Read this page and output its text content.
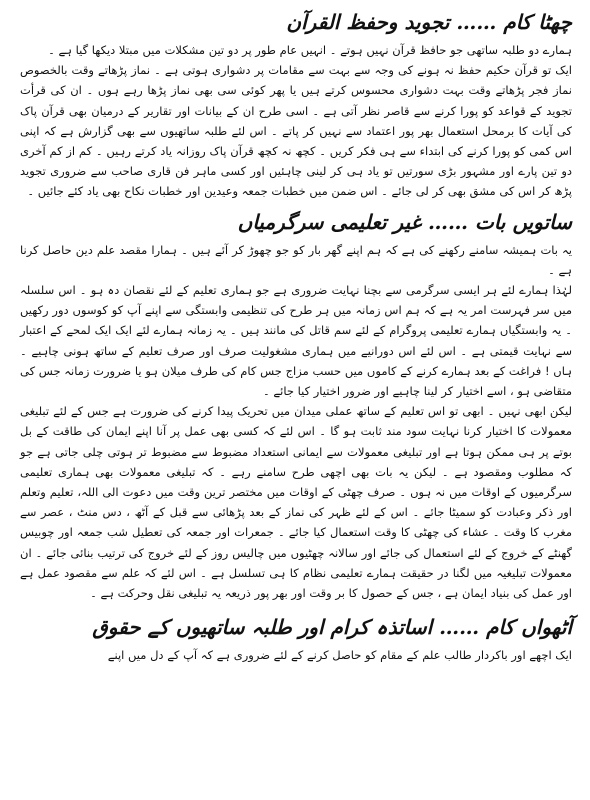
چھٹا کام …… تجوید وحفظ القرآن

ہمارے دو طلبہ ساتھی جو حافظ قرآن نہیں ہوتے ۔ انہیں عام طور پر دو تین مشکلات میں مبتلا دیکھا گیا ہے ۔

ایک تو قرآن حکیم حفظ نہ ہونے کی وجہ سے بہت سے مقامات پر دشواری ہوتی ہے ۔ نماز پڑھاتے وقت بالخصوص نماز فجر پڑھاتے وقت بہت دشواری محسوس کرتے ہیں یا پھر کوئی سی بھی نماز پڑھا رہے ہوں ۔ ان کی قرأت تجوید کے قواعد کو پورا کرنے سے قاصر نظر آتی ہے ۔ اسی طرح ان کے بیانات اور تقاریر کے درمیان بھی قرآن پاک کی آیات کا برمحل استعمال بھر پور اعتماد سے نہیں کر پاتے ۔ اس لئے طلبہ ساتھیوں سے بھی گزارش ہے کہ اپنی اس کمی کو پورا کرنے کی ابتداء سے ہی فکر کریں ۔ کچھ نہ کچھ قرآن پاک روزانہ یاد کرتے رہیں ۔ کم از کم آخری دو تین پارے اور مشہور بڑی سورتیں تو یاد ہی کر لینی چاہئیں اور کسی ماہر فن قاری صاحب سے ضروری تجوید پڑھ کر اس کی مشق بھی کر لی جائے ۔ اس ضمن میں خطبات جمعہ وعیدین اور خطبات نکاح بھی یاد کئے جائیں ۔

ساتویں بات …… غیر تعلیمی سرگرمیاں

یہ بات ہمیشہ سامنے رکھنے کی ہے کہ ہم اپنے گھر بار کو جو چھوڑ کر آئے ہیں ۔ ہمارا مقصد علم دین حاصل کرنا ہے ۔

لہٰذا ہمارے لئے ہر ایسی سرگرمی سے بچنا نہایت ضروری ہے جو ہماری تعلیم کے لئے نقصان دہ ہو ۔ اس سلسلہ میں سر فہرست امر یہ ہے کہ ہم اس زمانہ میں ہر طرح کی تنظیمی وابستگی سے اپنے آپ کو کوسوں دور رکھیں ۔ یہ وابستگیاں ہمارے تعلیمی پروگرام کے لئے سم قاتل کی مانند ہیں ۔ یہ زمانہ ہمارے لئے ایک ایک لمحے کے اعتبار سے نہایت قیمتی ہے ۔ اس لئے اس دورانیے میں ہماری مشغولیت صرف اور صرف تعلیم کے ساتھ ہونی چاہیے ۔ ہاں ! فراغت کے بعد ہمارے کرنے کے کاموں میں حسب مزاج جس کام کی طرف میلان ہو یا ضرورت زمانہ جس کی متقاضی ہو ، اسے اختیار کر لینا چاہیے اور ضرور اختیار کیا جائے ۔

لیکن ابھی نہیں ۔ ابھی تو اس تعلیم کے ساتھ عملی میدان میں تحریک پیدا کرنے کی ضرورت ہے جس کے لئے تبلیغی معمولات کا اختیار کرنا نہایت سود مند ثابت ہو گا ۔ اس لئے کہ کسی بھی عمل پر آنا اپنے ایمان کی طاقت کے بل بوتے پر ہی ممکن ہوتا ہے اور تبلیغی معمولات سے ایمانی استعداد مضبوط سے مضبوط تر ہوتی چلی جاتی ہے جو کہ مطلوب ومقصود ہے ۔ لیکن یہ بات بھی اچھی طرح سامنے رہے ۔ کہ تبلیغی معمولات بھی ہماری تعلیمی سرگرمیوں کے اوقات میں نہ ہوں ۔ صرف چھٹی کے اوقات میں مختصر ترین وقت میں دعوت الی اللہ، تعلیم وتعلم اور ذکر وعبادت کو سمیٹا جائے ۔ اس کے لئے ظہر کی نماز کے بعد پڑھائی سے قبل کے آٹھ ، دس منٹ ، عصر سے مغرب کا وقت ۔ عشاء کی چھٹی کا وقت استعمال کیا جائے ۔ جمعرات اور جمعہ کی تعطیل شب جمعہ اور چوبیس گھنٹے کے خروج کے لئے استعمال کی جائے اور سالانہ چھٹیوں میں چالیس روز کے لئے خروج کی ترتیب بنائی جائے ۔ ان معمولات تبلیغیہ میں لگنا در حقیقت ہمارے تعلیمی نظام کا ہی تسلسل ہے ۔ اس لئے کہ علم سے مقصود عمل ہے اور عمل کی بنیاد ایمان ہے ، جس کے حصول کا بر وقت اور بھر پور ذریعہ یہ تبلیغی نقل وحرکت ہے ۔

آٹھواں کام …… اساتذہ کرام اور طلبہ ساتھیوں کے حقوق

ایک اچھے اور باکردار طالب علم کے مقام کو حاصل کرنے کے لئے ضروری ہے کہ آپ کے دل میں اپنے
